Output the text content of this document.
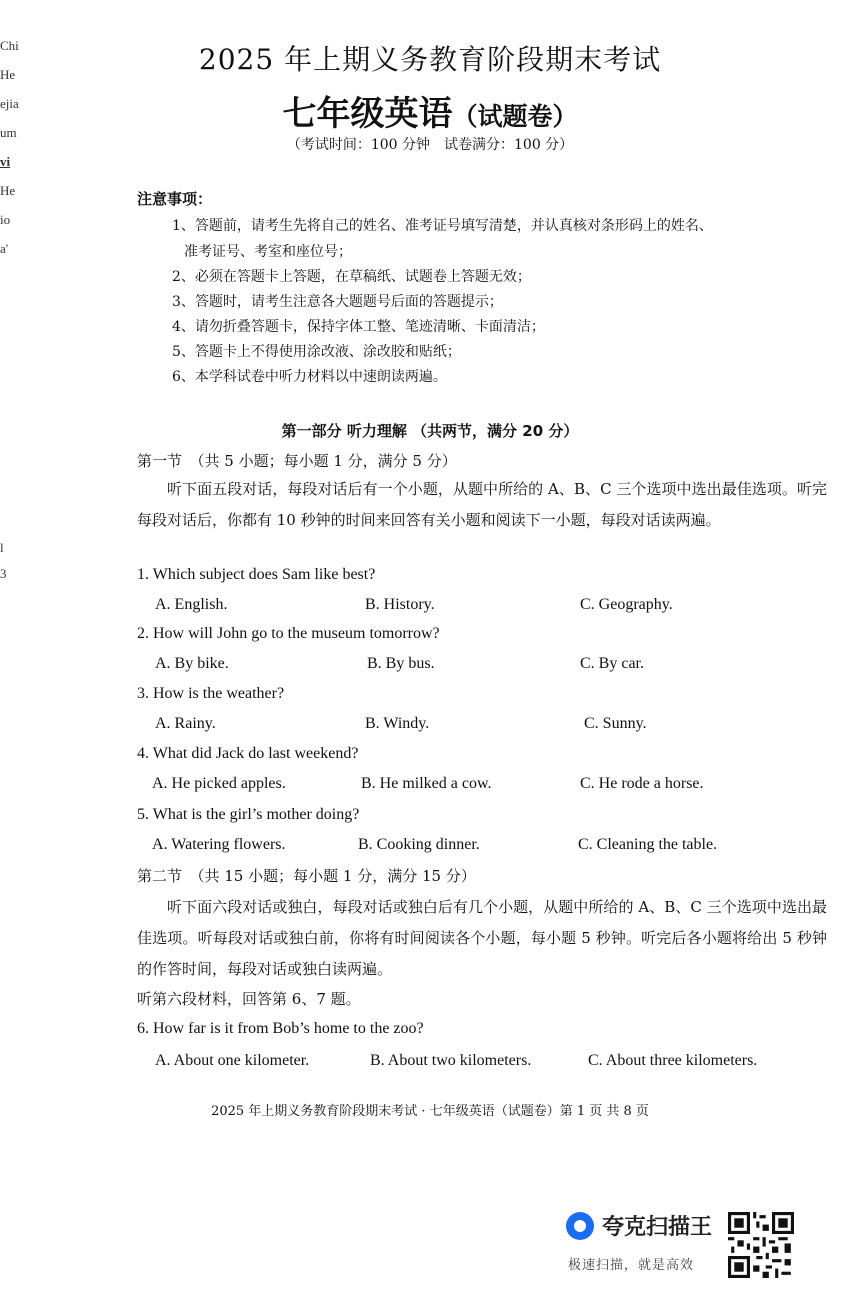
Chi
He
ejia
um
vi
He
io
a'
l
3
2025 年上期义务教育阶段期末考试
七年级英语（试题卷）
（考试时间：100 分钟　试卷满分：100 分）
注意事项：
1、答题前，请考生先将自己的姓名、准考证号填写清楚，并认真核对条形码上的姓名、
准考证号、考室和座位号；
2、必须在答题卡上答题，在草稿纸、试题卷上答题无效；
3、答题时，请考生注意各大题题号后面的答题提示；
4、请勿折叠答题卡，保持字体工整、笔迹清晰、卡面清洁；
5、答题卡上不得使用涂改液、涂改胶和贴纸；
6、本学科试卷中听力材料以中速朗读两遍。
第一部分 听力理解 （共两节，满分 20 分）
第一节　（共 5 小题；每小题 1 分，满分 5 分）
听下面五段对话，每段对话后有一个小题，从题中所给的 A、B、C 三个选项中选出最佳选项。听完每段对话后，你都有 10 秒钟的时间来回答有关小题和阅读下一小题，每段对话读两遍。
1. Which subject does Sam like best?
A. English.	B. History.	C. Geography.
2. How will John go to the museum tomorrow?
A. By bike.	B. By bus.	C. By car.
3. How is the weather?
A. Rainy.	B. Windy.	C. Sunny.
4. What did Jack do last weekend?
A. He picked apples.	B. He milked a cow.	C. He rode a horse.
5. What is the girl’s mother doing?
A. Watering flowers.	B. Cooking dinner.	C. Cleaning the table.
第二节　（共 15 小题；每小题 1 分，满分 15 分）
听下面六段对话或独白，每段对话或独白后有几个小题，从题中所给的 A、B、C 三个选项中选出最佳选项。听每段对话或独白前，你将有时间阅读各个小题，每小题 5 秒钟。听完后各小题将给出 5 秒钟的作答时间，每段对话或独白读两遍。
听第六段材料，回答第 6、7 题。
6. How far is it from Bob’s home to the zoo?
A. About one kilometer.	B. About two kilometers.	C. About three kilometers.
2025 年上期义务教育阶段期末考试 · 七年级英语（试题卷）第 1 页 共 8 页
夸克扫描王
极速扫描，就是高效
